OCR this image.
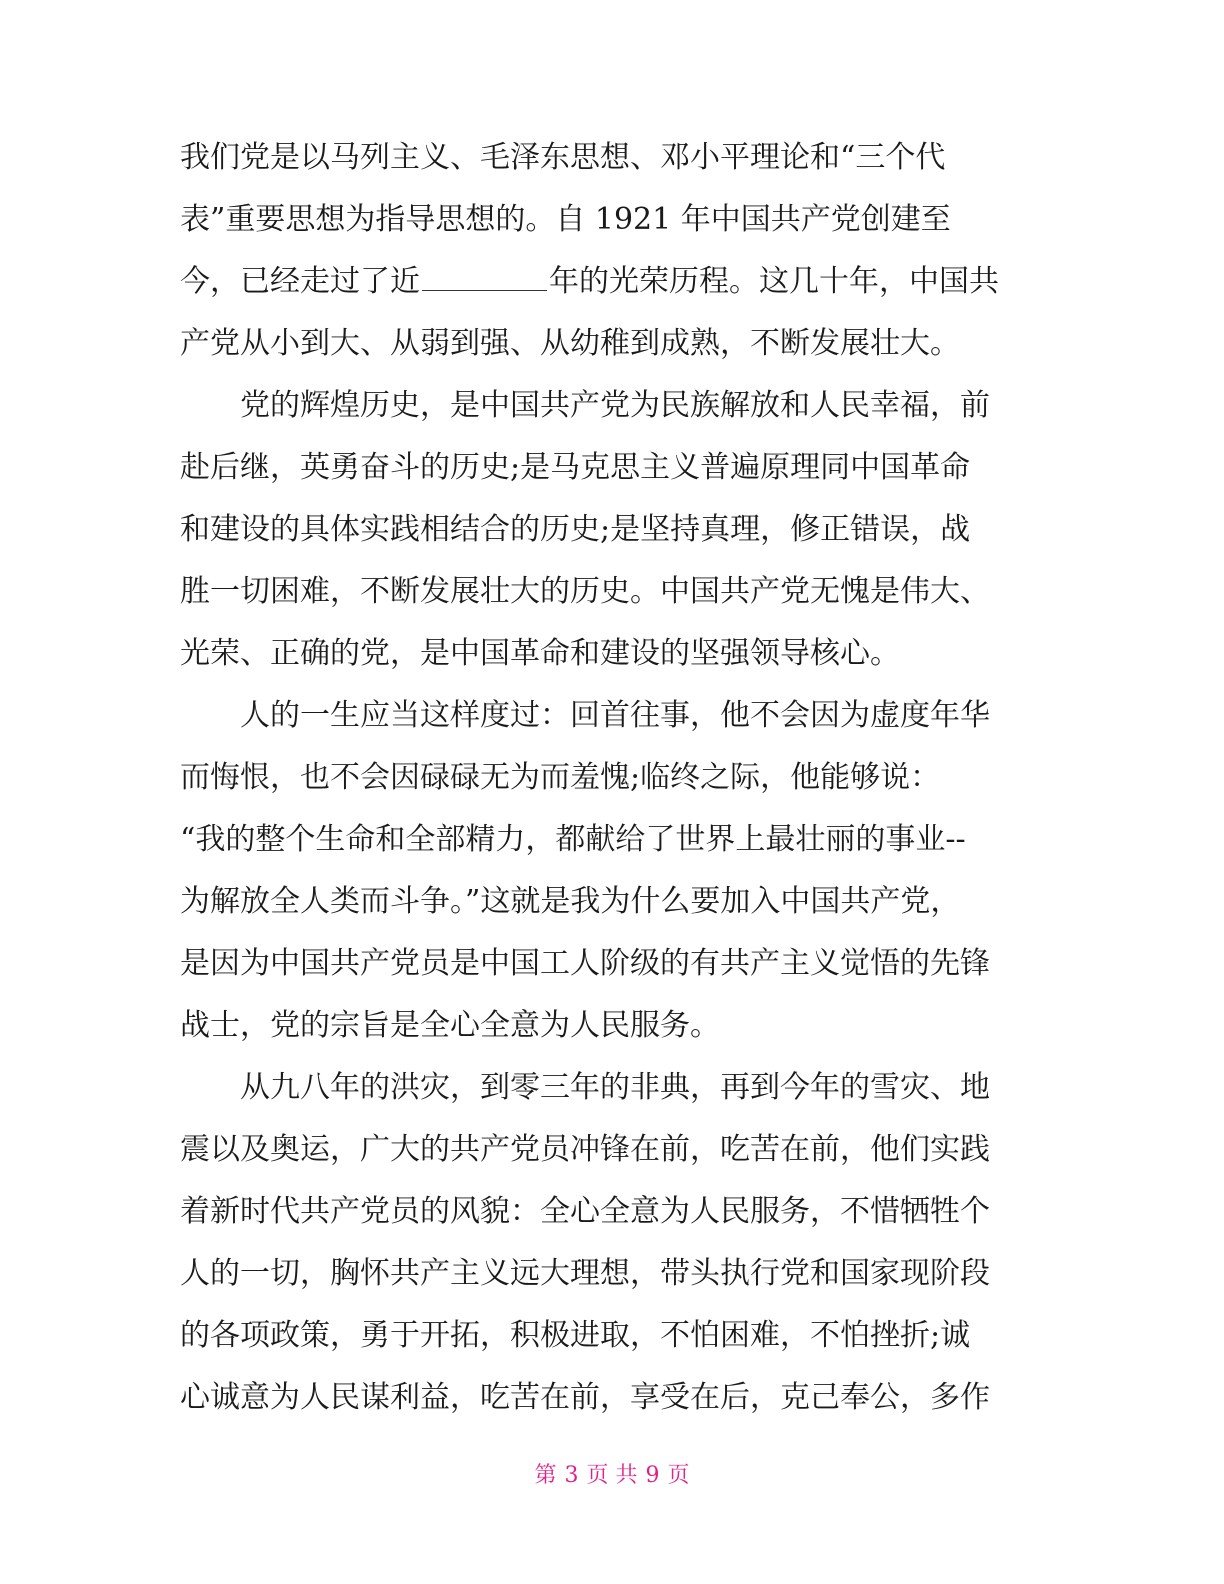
我们党是以马列主义、毛泽东思想、邓小平理论和“三个代
表”重要思想为指导思想的。自 1921 年中国共产党创建至
今，已经走过了近	年的光荣历程。这几十年，中国共
产党从小到大、从弱到强、从幼稚到成熟，不断发展壮大。
党的辉煌历史，是中国共产党为民族解放和人民幸福，前
赴后继，英勇奋斗的历史;是马克思主义普遍原理同中国革命
和建设的具体实践相结合的历史;是坚持真理，修正错误，战
胜一切困难，不断发展壮大的历史。中国共产党无愧是伟大、
光荣、正确的党，是中国革命和建设的坚强领导核心。
人的一生应当这样度过：回首往事，他不会因为虚度年华
而悔恨，也不会因碌碌无为而羞愧;临终之际，他能够说：
“我的整个生命和全部精力，都献给了世界上最壮丽的事业--
为解放全人类而斗争。”这就是我为什么要加入中国共产党，
是因为中国共产党员是中国工人阶级的有共产主义觉悟的先锋
战士，党的宗旨是全心全意为人民服务。
从九八年的洪灾，到零三年的非典，再到今年的雪灾、地
震以及奥运，广大的共产党员冲锋在前，吃苦在前，他们实践
着新时代共产党员的风貌：全心全意为人民服务，不惜牺牲个
人的一切，胸怀共产主义远大理想，带头执行党和国家现阶段
的各项政策，勇于开拓，积极进取，不怕困难，不怕挫折;诚
心诚意为人民谋利益，吃苦在前，享受在后，克己奉公，多作
第 3 页 共 9 页
